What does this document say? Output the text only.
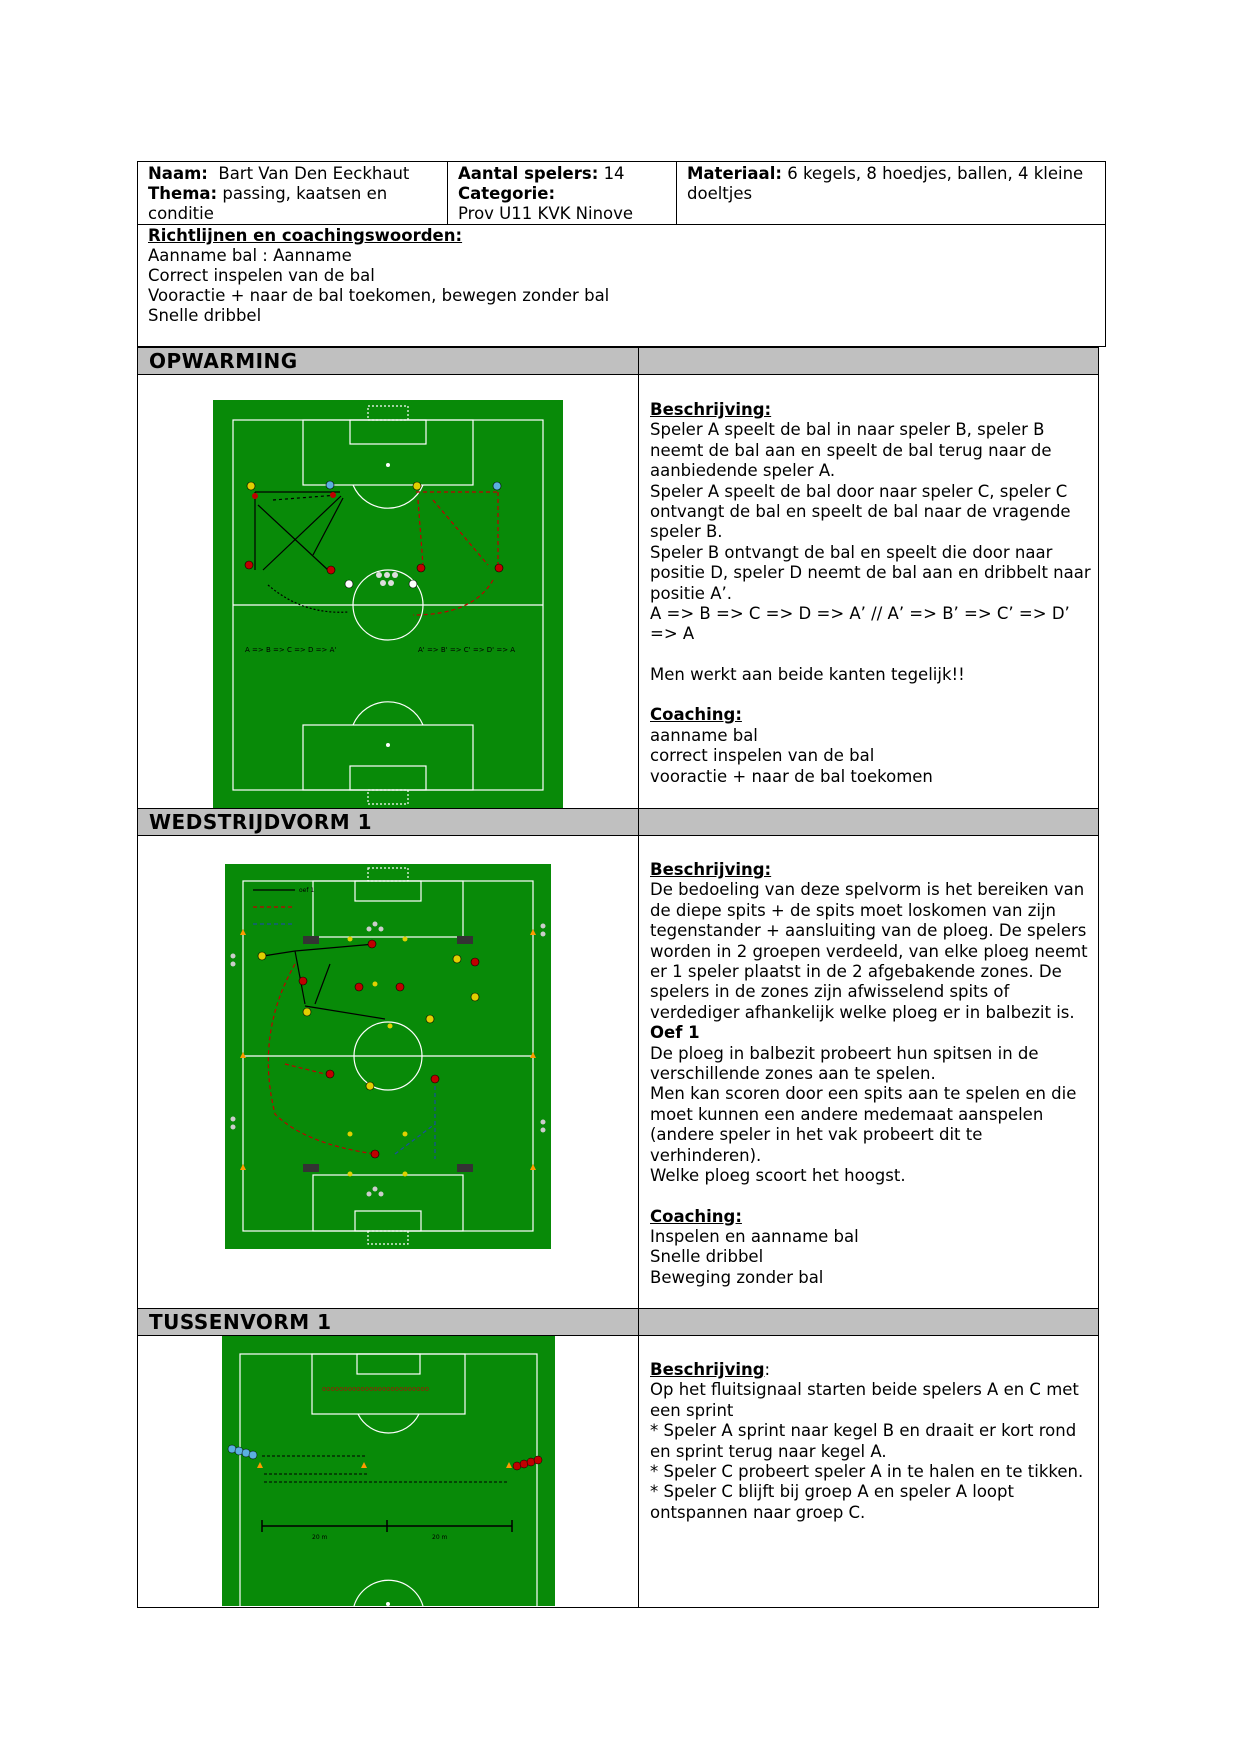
Naam: Bart Van Den Eeckhaut
Thema: passing, kaatsen en conditie
Aantal spelers: 14
Categorie:
Prov U11 KVK Ninove
Materiaal: 6 kegels, 8 hoedjes, ballen, 4 kleine doeltjes
Richtlijnen en coachingswoorden:
Aanname bal : Aanname
Correct inspelen van de bal
Vooractie + naar de bal toekomen, bewegen zonder bal
Snelle dribbel
OPWARMING
A => B => C => D => A'	A' => B' => C' => D' => A

Beschrijving:

Speler A speelt de bal in naar speler B, speler B neemt de bal aan en speelt de bal terug naar de aanbiedende speler A.
Speler A speelt de bal door naar speler C, speler C ontvangt de bal en speelt de bal naar de vragende speler B.
Speler B ontvangt de bal en speelt die door naar positie D, speler D neemt de bal aan en dribbelt naar positie A’.
A => B => C => D => A’ // A’ => B’ => C’ => D’ => A

Men werkt aan beide kanten tegelijk!!

Coaching:

aanname bal

correct inspelen van de bal

vooractie + naar de bal toekomen

WEDSTRIJDVORM 1
oef 1

Beschrijving:

De bedoeling van deze spelvorm is het bereiken van de diepe spits + de spits moet loskomen van zijn tegenstander + aansluiting van de ploeg. De spelers worden in 2 groepen verdeeld, van elke ploeg neemt er 1 speler plaatst in de 2 afgebakende zones. De spelers in de zones zijn afwisselend spits of verdediger afhankelijk welke ploeg er in balbezit is.

Oef 1

De ploeg in balbezit probeert hun spitsen in de verschillende zones aan te spelen.
Men kan scoren door een spits aan te spelen en die moet kunnen een andere medemaat aanspelen (andere speler in het vak probeert dit te verhinderen).
Welke ploeg scoort het hoogst.

Coaching:

Inspelen en aanname bal

Snelle dribbel

Beweging zonder bal

TUSSENVORM 1
ooooooooooooooooooooooooo
20 m	20 m

Beschrijving:

Op het fluitsignaal starten beide spelers A en C met een sprint
* Speler A sprint naar kegel B en draait er kort rond en sprint terug naar kegel A.
* Speler C probeert speler A in te halen en te tikken.
* Speler C blijft bij groep A en speler A loopt ontspannen naar groep C.
